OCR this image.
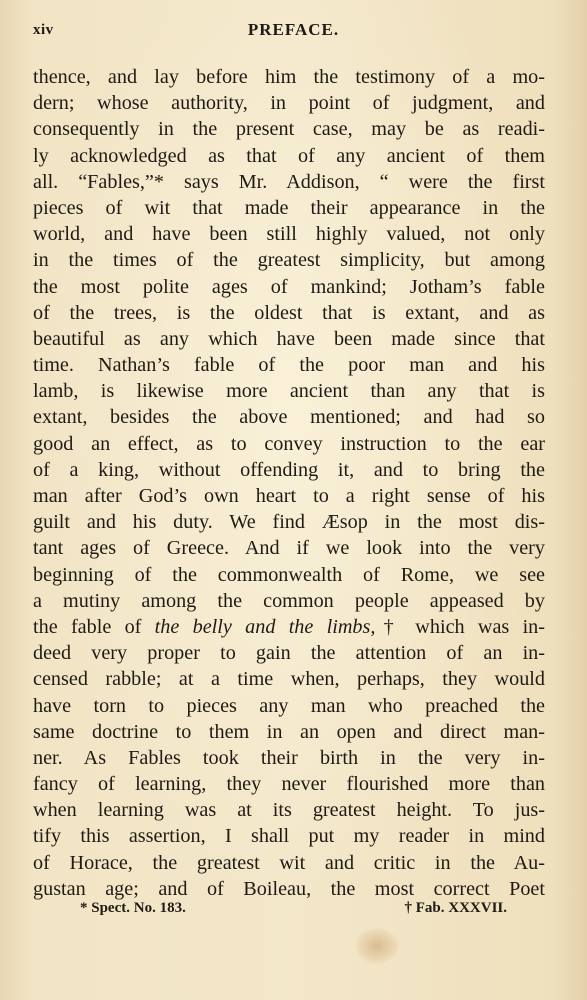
xiv	PREFACE.
thence, and lay before him the testimony of a mo-
dern; whose authority, in point of judgment, and
consequently in the present case, may be as readi-
ly acknowledged as that of any ancient of them
all. “Fables,”* says Mr. Addison, “ were the first
pieces of wit that made their appearance in the
world, and have been still highly valued, not only
in the times of the greatest simplicity, but among
the most polite ages of mankind; Jotham’s fable
of the trees, is the oldest that is extant, and as
beautiful as any which have been made since that
time. Nathan’s fable of the poor man and his
lamb, is likewise more ancient than any that is
extant, besides the above mentioned; and had so
good an effect, as to convey instruction to the ear
of a king, without offending it, and to bring the
man after God’s own heart to a right sense of his
guilt and his duty. We find Æsop in the most dis-
tant ages of Greece. And if we look into the very
beginning of the commonwealth of Rome, we see
a mutiny among the common people appeased by
the fable of the belly and the limbs,† which was in-
deed very proper to gain the attention of an in-
censed rabble; at a time when, perhaps, they would
have torn to pieces any man who preached the
same doctrine to them in an open and direct man-
ner. As Fables took their birth in the very in-
fancy of learning, they never flourished more than
when learning was at its greatest height. To jus-
tify this assertion, I shall put my reader in mind
of Horace, the greatest wit and critic in the Au-
gustan age; and of Boileau, the most correct Poet
* Spect. No. 183.	† Fab. XXXVII.
